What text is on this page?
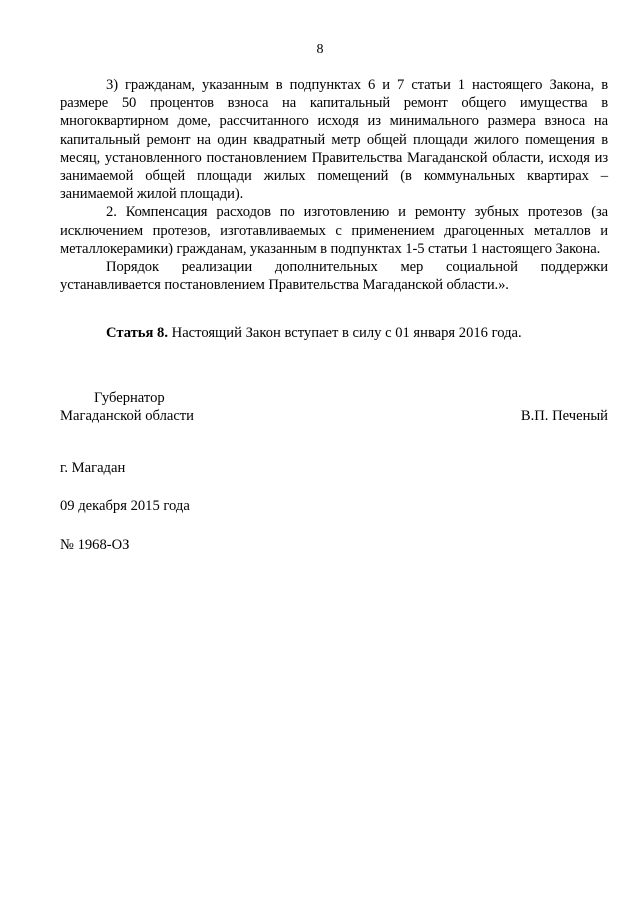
8

3) гражданам, указанным в подпунктах 6 и 7 статьи 1 настоящего Закона, в размере 50 процентов взноса на капитальный ремонт общего имущества в многоквартирном доме, рассчитанного исходя из минимального размера взноса на капитальный ремонт на один квадратный метр общей площади жилого помещения в месяц, установленного постановлением Правительства Магаданской области, исходя из занимаемой общей площади жилых помещений (в коммунальных квартирах – занимаемой жилой площади).

2. Компенсация расходов по изготовлению и ремонту зубных протезов (за исключением протезов, изготавливаемых с применением драгоценных металлов и металлокерамики) гражданам, указанным в подпунктах 1-5 статьи 1 настоящего Закона.

Порядок реализации дополнительных мер социальной поддержки устанавливается постановлением Правительства Магаданской области.».

Статья 8. Настоящий Закон вступает в силу с 01 января 2016 года.

Губернатор
Магаданской области	В.П. Печеный
г. Магадан
09 декабря 2015 года
№ 1968-ОЗ
